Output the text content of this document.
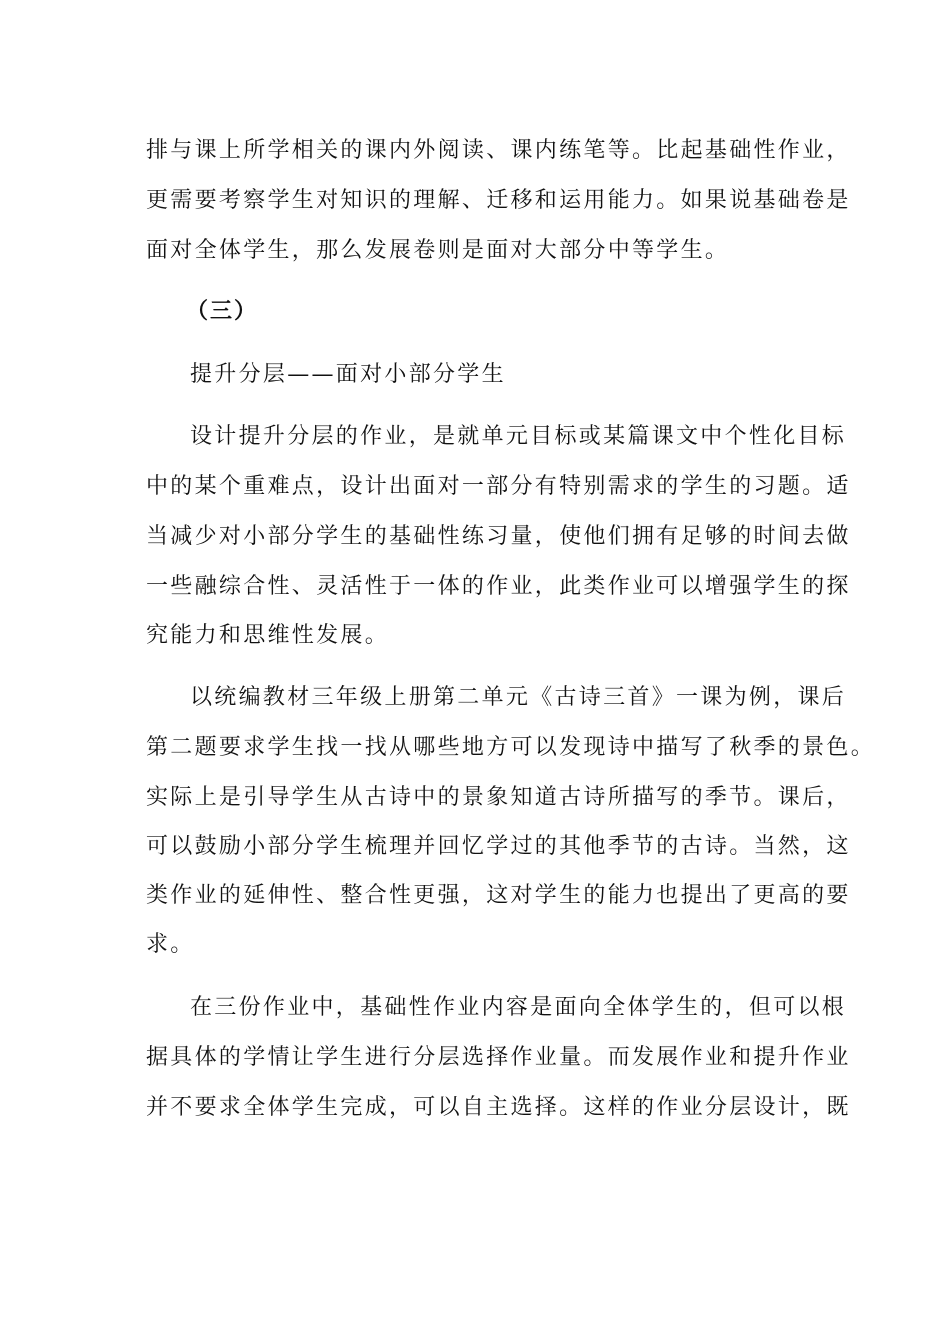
排与课上所学相关的课内外阅读、课内练笔等。比起基础性作业，
更需要考察学生对知识的理解、迁移和运用能力。如果说基础卷是
面对全体学生，那么发展卷则是面对大部分中等学生。
（三）
提升分层——面对小部分学生
设计提升分层的作业，是就单元目标或某篇课文中个性化目标
中的某个重难点，设计出面对一部分有特别需求的学生的习题。适
当减少对小部分学生的基础性练习量，使他们拥有足够的时间去做
一些融综合性、灵活性于一体的作业，此类作业可以增强学生的探
究能力和思维性发展。
以统编教材三年级上册第二单元《古诗三首》一课为例，课后
第二题要求学生找一找从哪些地方可以发现诗中描写了秋季的景色。
实际上是引导学生从古诗中的景象知道古诗所描写的季节。课后，
可以鼓励小部分学生梳理并回忆学过的其他季节的古诗。当然，这
类作业的延伸性、整合性更强，这对学生的能力也提出了更高的要
求。
在三份作业中，基础性作业内容是面向全体学生的，但可以根
据具体的学情让学生进行分层选择作业量。而发展作业和提升作业
并不要求全体学生完成，可以自主选择。这样的作业分层设计，既
